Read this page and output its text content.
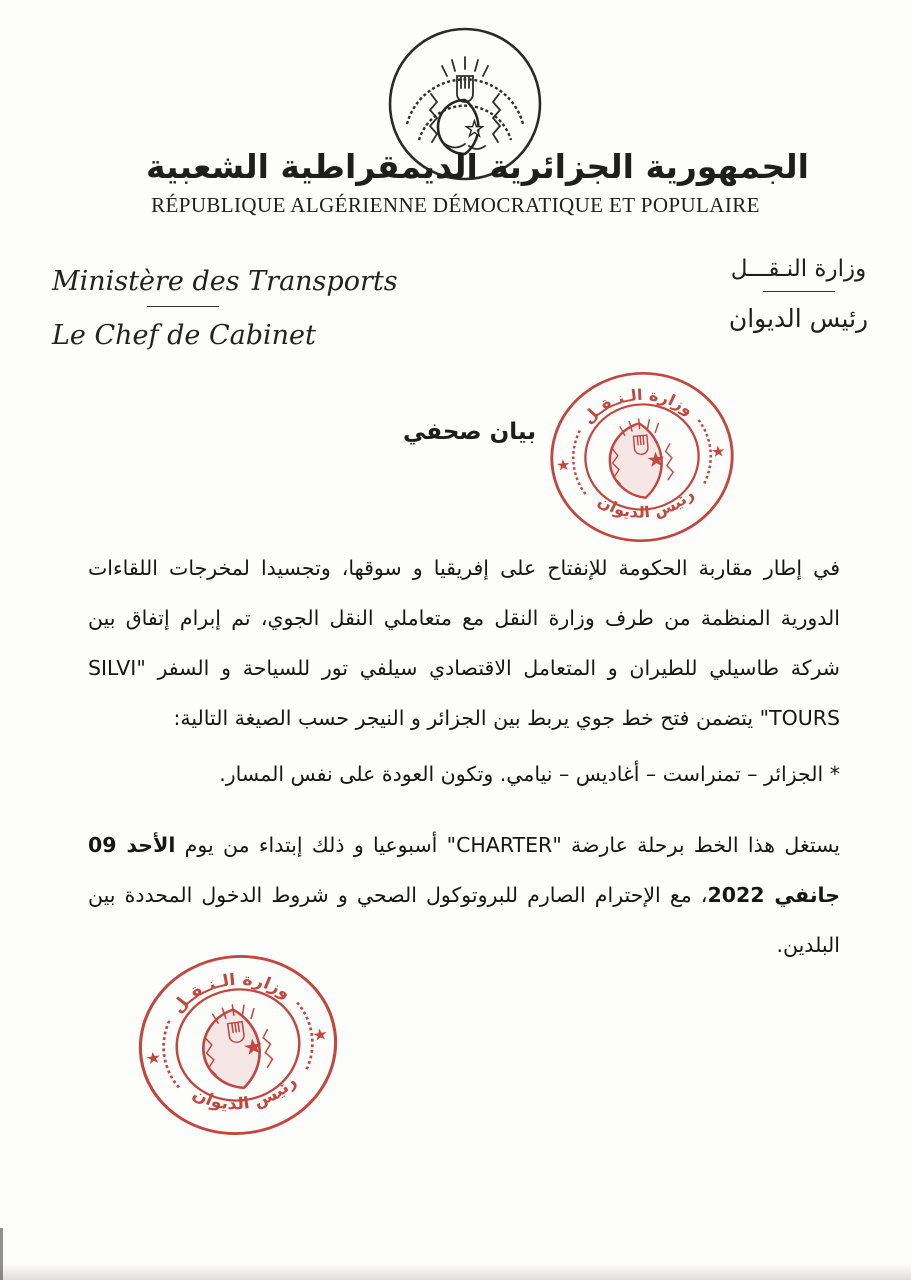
★
الجمهورية الجزائرية الديمقراطية الشعبية
RÉPUBLIQUE ALGÉRIENNE DÉMOCRATIQUE ET POPULAIRE
Ministère des Transports
Le Chef de Cabinet
وزارة النـقـــل
رئيس الديوان
بيان صحفي
وزارة الـنـقـل
رئيس الديوان
★
★
★

في إطار مقاربة الحكومة للإنفتاح على إفريقيا و سوقها، وتجسيدا لمخرجات اللقاءات الدورية المنظمة من طرف وزارة النقل مع متعاملي النقل الجوي، تم إبرام إتفاق بين شركة طاسيلي للطيران و المتعامل الاقتصادي سيلفي تور للسياحة و السفر "SILVI TOURS" يتضمن فتح خط جوي يربط بين الجزائر و النيجر حسب الصيغة التالية:

* الجزائر – تمنراست – أغاديس – نيامي. وتكون العودة على نفس المسار.

يستغل هذا الخط برحلة عارضة "CHARTER" أسبوعيا و ذلك إبتداء من يوم الأحد 09 جانفي 2022، مع الإحترام الصارم للبروتوكول الصحي و شروط الدخول المحددة بين البلدين.

وزارة الـنـقـل
رئيس الديوان
★
★
★
